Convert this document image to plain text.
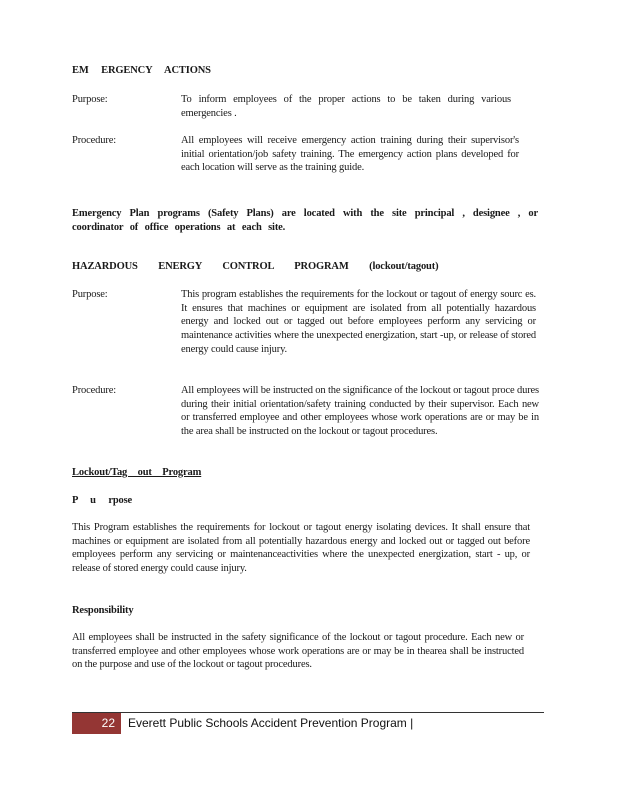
EM ERGENCY ACTIONS
Purpose:	To inform employees of the proper actions to be taken during various emergencies .
Procedure:	All employees will receive emergency action training during their supervisor's initial orientation/job safety training. The emergency action plans developed for each location will serve as the training guide.
Emergency Plan programs (Safety Plans) are located with the site principal , designee , or coordinator of office operations at each site.
HAZARDOUS ENERGY CONTROL PROGRAM (lockout/tagout)
Purpose:	This program establishes the requirements for the lockout or tagout of energy sourc es. It ensures that machines or equipment are isolated from all potentially hazardous energy and locked out or tagged out before employees perform any servicing or maintenance activities where the unexpected energization, start -up, or release of stored energy could cause injury.
Procedure:	All employees will be instructed on the significance of the lockout or tagout proce dures during their initial orientation/safety training conducted by their supervisor. Each new or transferred employee and other employees whose work operations are or may be in the area shall be instructed on the lockout or tagout procedures.
Lockout/Tag out Program
P u rpose
This Program establishes the requirements for lockout or tagout energy isolating devices. It shall ensure that machines or equipment are isolated from all potentially hazardous energy and locked out or tagged out before employees perform any servicing or maintenanceactivities where the unexpected energization, start - up, or release of stored energy could cause injury.
Responsibility
All employees shall be instructed in the safety significance of the lockout or tagout procedure. Each new or transferred employee and other employees whose work operations are or may be in thearea shall be instructed on the purpose and use of the lockout or tagout procedures.
22	Everett Public Schools Accident Prevention Program |
